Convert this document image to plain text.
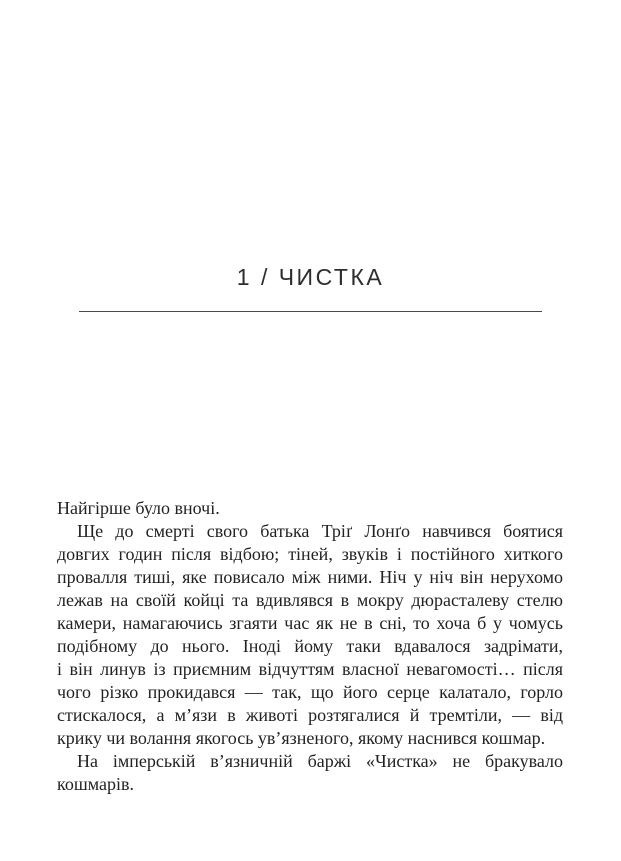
1 / ЧИСТКА
Найгірше було вночі.
Ще до смерті свого батька Тріґ Лонґо навчився боятися
довгих годин після відбою; тіней, звуків і постійного хиткого
провалля тиші, яке повисало між ними. Ніч у ніч він нерухомо
лежав на своїй койці та вдивлявся в мокру дюрасталеву стелю
камери, намагаючись згаяти час як не в сні, то хоча б у чомусь
подібному до нього. Іноді йому таки вдавалося задрімати,
і він линув із приємним відчуттям власної невагомості… після
чого різко прокидався — так, що його серце калатало, горло
стискалося, а м’язи в животі розтягалися й тремтіли, — від
крику чи волання якогось ув’язненого, якому наснився кошмар.
На імперській в’язничній баржі «Чистка» не бракувало
кошмарів.
